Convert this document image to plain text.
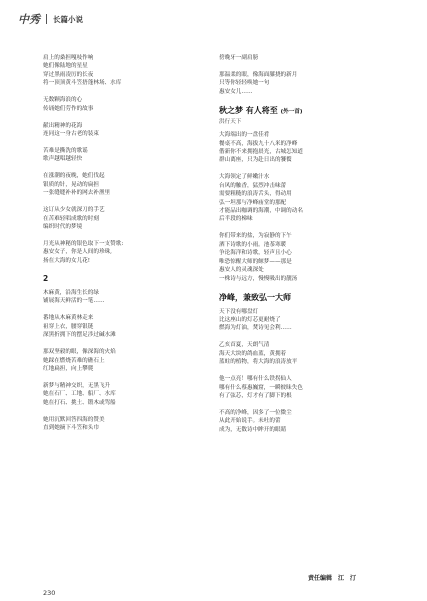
中秀 长篇小说
肩上的桑担嘎吱作响
她们像陆地的星星
穿过黑雨凌厉的长夜
将一顶顶黄斗笠捂蓬林场、水库
无数颗海浪的心
传诵她们劳作的故事
献出精神的花海
连同这一身古老的装束
苦难是撕洗的歌谣
歌声越唱越轻快
在涨潮的夜晚，她们伐起
银质的针，晃动的扁担
一张缝缝补补的网去补渔里
这订从少女就深刀的手艺
在苦难轻唱成歌的时刻
编织时代的梦境
月光从神秘的银色取下一支赞歌:
惠安女子，你是人间的珍珠,
扬在大海的女儿花!
2
木麻黄，沿海生长的绿
铺展海天鲜活的一笔……
番地从木麻黄林走来
祖穿上衣，腰穿银链
深黑折拥下的摆足涉过碱水滩
那双坚毅的眼，像深海的火焰
她踩在燃烧苦难的礁石上
红地扁担，向上攀爬
新梦与精神交织，无黑飞升
她在石厂、工地、船厂、水库
她在打石、挑土、锻木或驾船
她用沉默回答四海的赞美
直到她摘下斗笠和头巾
傍晚牙一副肩膀
那温柔的眼，像海面膝挠的新月
只等你轻轻唤她一句
惠安女儿……
秋之梦 有人将至 (外一首)
洪行天下
大海端出的一盘佳肴
餐桌不高，海拔九十八米的净峰
偕新你不来拥抱晨光，古城怎知道
群山离座，只为赴日出的饕餮
大海领定了鲜嫩汁水
台风的触香，猛烈冲击味蕾
需要粗糙的浪涛舌头，得动用
弘一坦那与净峰庙堂的那配
才能品出咖调的海潮，中调的动名
后半段的梯味
你们带来的盐，为寂静的下午
洒下诗歌的小雨。池茶寒暖
争论海洋和诗歌，轻声且小心
唯恐惊醒大师的鲸梦——那是
惠安人的灵魂深处
一株诗与远方，慢慢吸出的靓汤
净峰，兼致弘一大师
天下没有哪盘灯
比这座山的灯芯更耐烧了
燃海为灯油，焚诗见会利……
乙亥首夏，天朗气清
海天大块的鸽血蓝，黄拥着
蓝蛀的植物，将大海的浪涛放平
他一点亮！哪有什么铁拐仙人
哪有什么蔡惠巍窟，一瞬彼昧失色
有了弦芯，灯才有了脚下的根
不高的净峰，因多了一位微尘
从此开始说手。未吐的蕾
成为，无数诗中眸开的眼睛
责任编辑　江　汀
230
